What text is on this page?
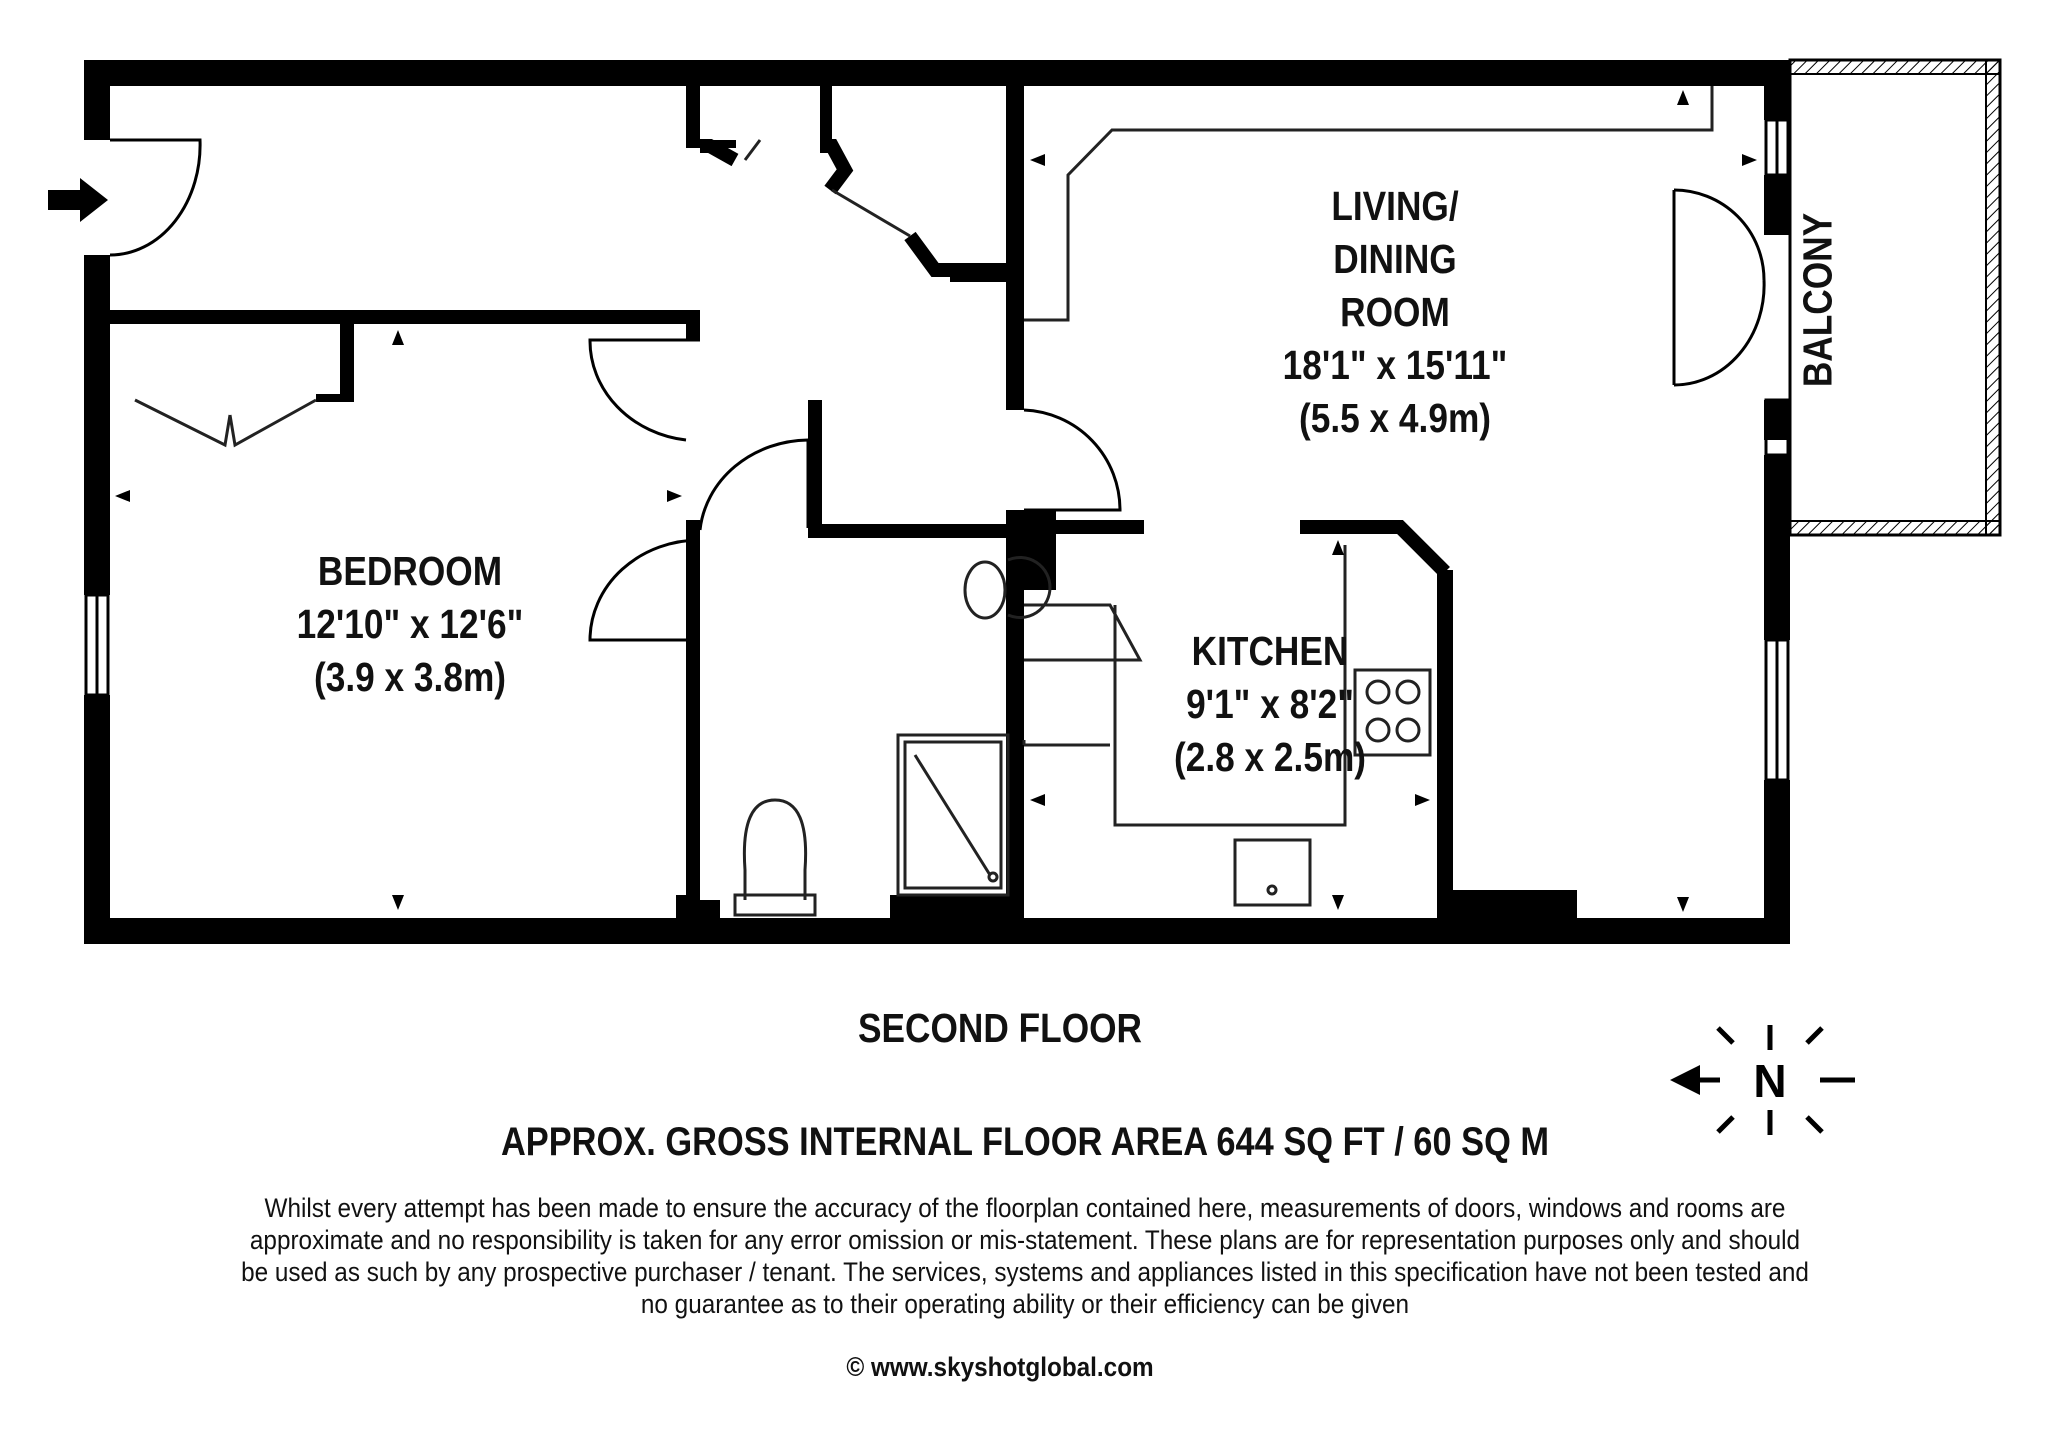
N
LIVING/
DINING
ROOM
18'1" x 15'11"
(5.5 x 4.9m)
BEDROOM
12'10" x 12'6"
(3.9 x 3.8m)
KITCHEN
9'1" x 8'2"
(2.8 x 2.5m)
BALCONY
SECOND FLOOR
APPROX. GROSS INTERNAL FLOOR AREA 644 SQ FT / 60 SQ M
Whilst every attempt has been made to ensure the accuracy of the floorplan contained here, measurements of doors, windows and rooms are approximate and no responsibility is taken for any error omission or mis-statement. These plans are for representation purposes only and should be used as such by any prospective purchaser / tenant. The services, systems and appliances listed in this specification have not been tested and no guarantee as to their operating ability or their efficiency can be given
© www.skyshotglobal.com
